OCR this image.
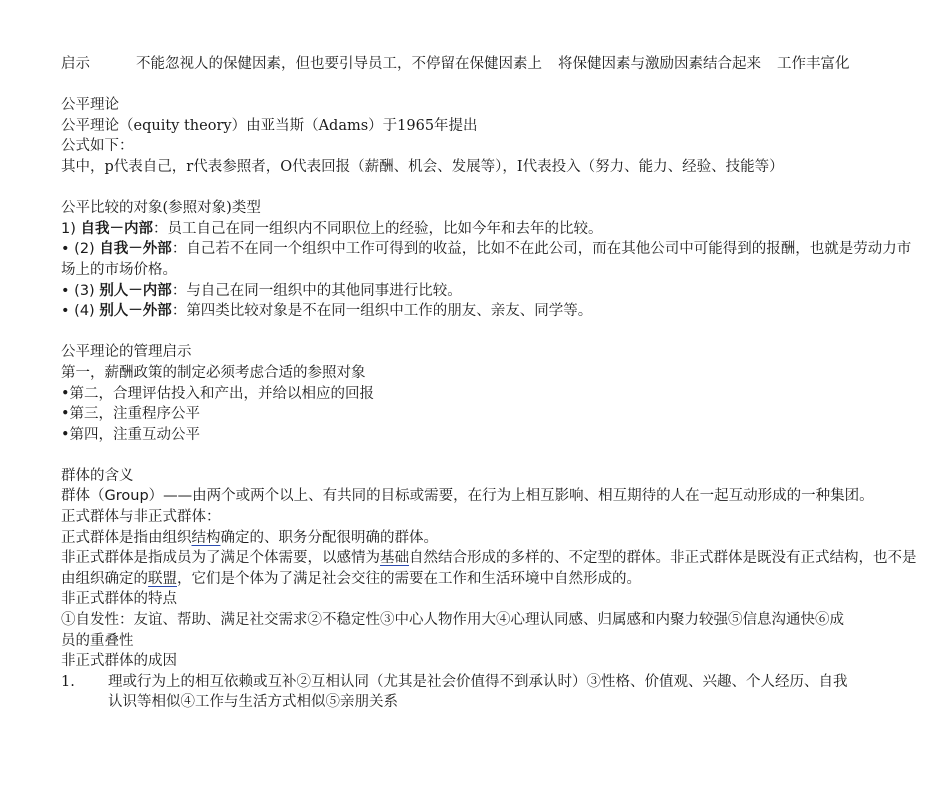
启示	不能忽视人的保健因素，但也要引导员工，不停留在保健因素上 将保健因素与激励因素结合起来 工作丰富化
公平理论
公平理论（equity theory）由亚当斯（Adams）于1965年提出
公式如下：
其中，p代表自己，r代表参照者，O代表回报（薪酬、机会、发展等），I代表投入（努力、能力、经验、技能等）
公平比较的对象(参照对象)类型
1) 自我－内部：员工自己在同一组织内不同职位上的经验，比如今年和去年的比较。
• (2) 自我－外部：自己若不在同一个组织中工作可得到的收益，比如不在此公司，而在其他公司中可能得到的报酬，也就是劳动力市场上的市场价格。
• (3) 别人－内部：与自己在同一组织中的其他同事进行比较。
• (4) 别人－外部：第四类比较对象是不在同一组织中工作的朋友、亲友、同学等。
公平理论的管理启示
第一，薪酬政策的制定必须考虑合适的参照对象
•第二，合理评估投入和产出，并给以相应的回报
•第三，注重程序公平
•第四，注重互动公平
群体的含义
群体（Group）——由两个或两个以上、有共同的目标或需要，在行为上相互影响、相互期待的人在一起互动形成的一种集团。
正式群体与非正式群体：
正式群体是指由组织结构确定的、职务分配很明确的群体。
非正式群体是指成员为了满足个体需要，以感情为基础自然结合形成的多样的、不定型的群体。非正式群体是既没有正式结构，也不是由组织确定的联盟，它们是个体为了满足社会交往的需要在工作和生活环境中自然形成的。
非正式群体的特点
①自发性：友谊、帮助、满足社交需求②不稳定性③中心人物作用大④心理认同感、归属感和内聚力较强⑤信息沟通快⑥成
员的重叠性
非正式群体的成因
1.	理或行为上的相互依赖或互补②互相认同（尤其是社会价值得不到承认时）③性格、价值观、兴趣、个人经历、自我
认识等相似④工作与生活方式相似⑤亲朋关系
